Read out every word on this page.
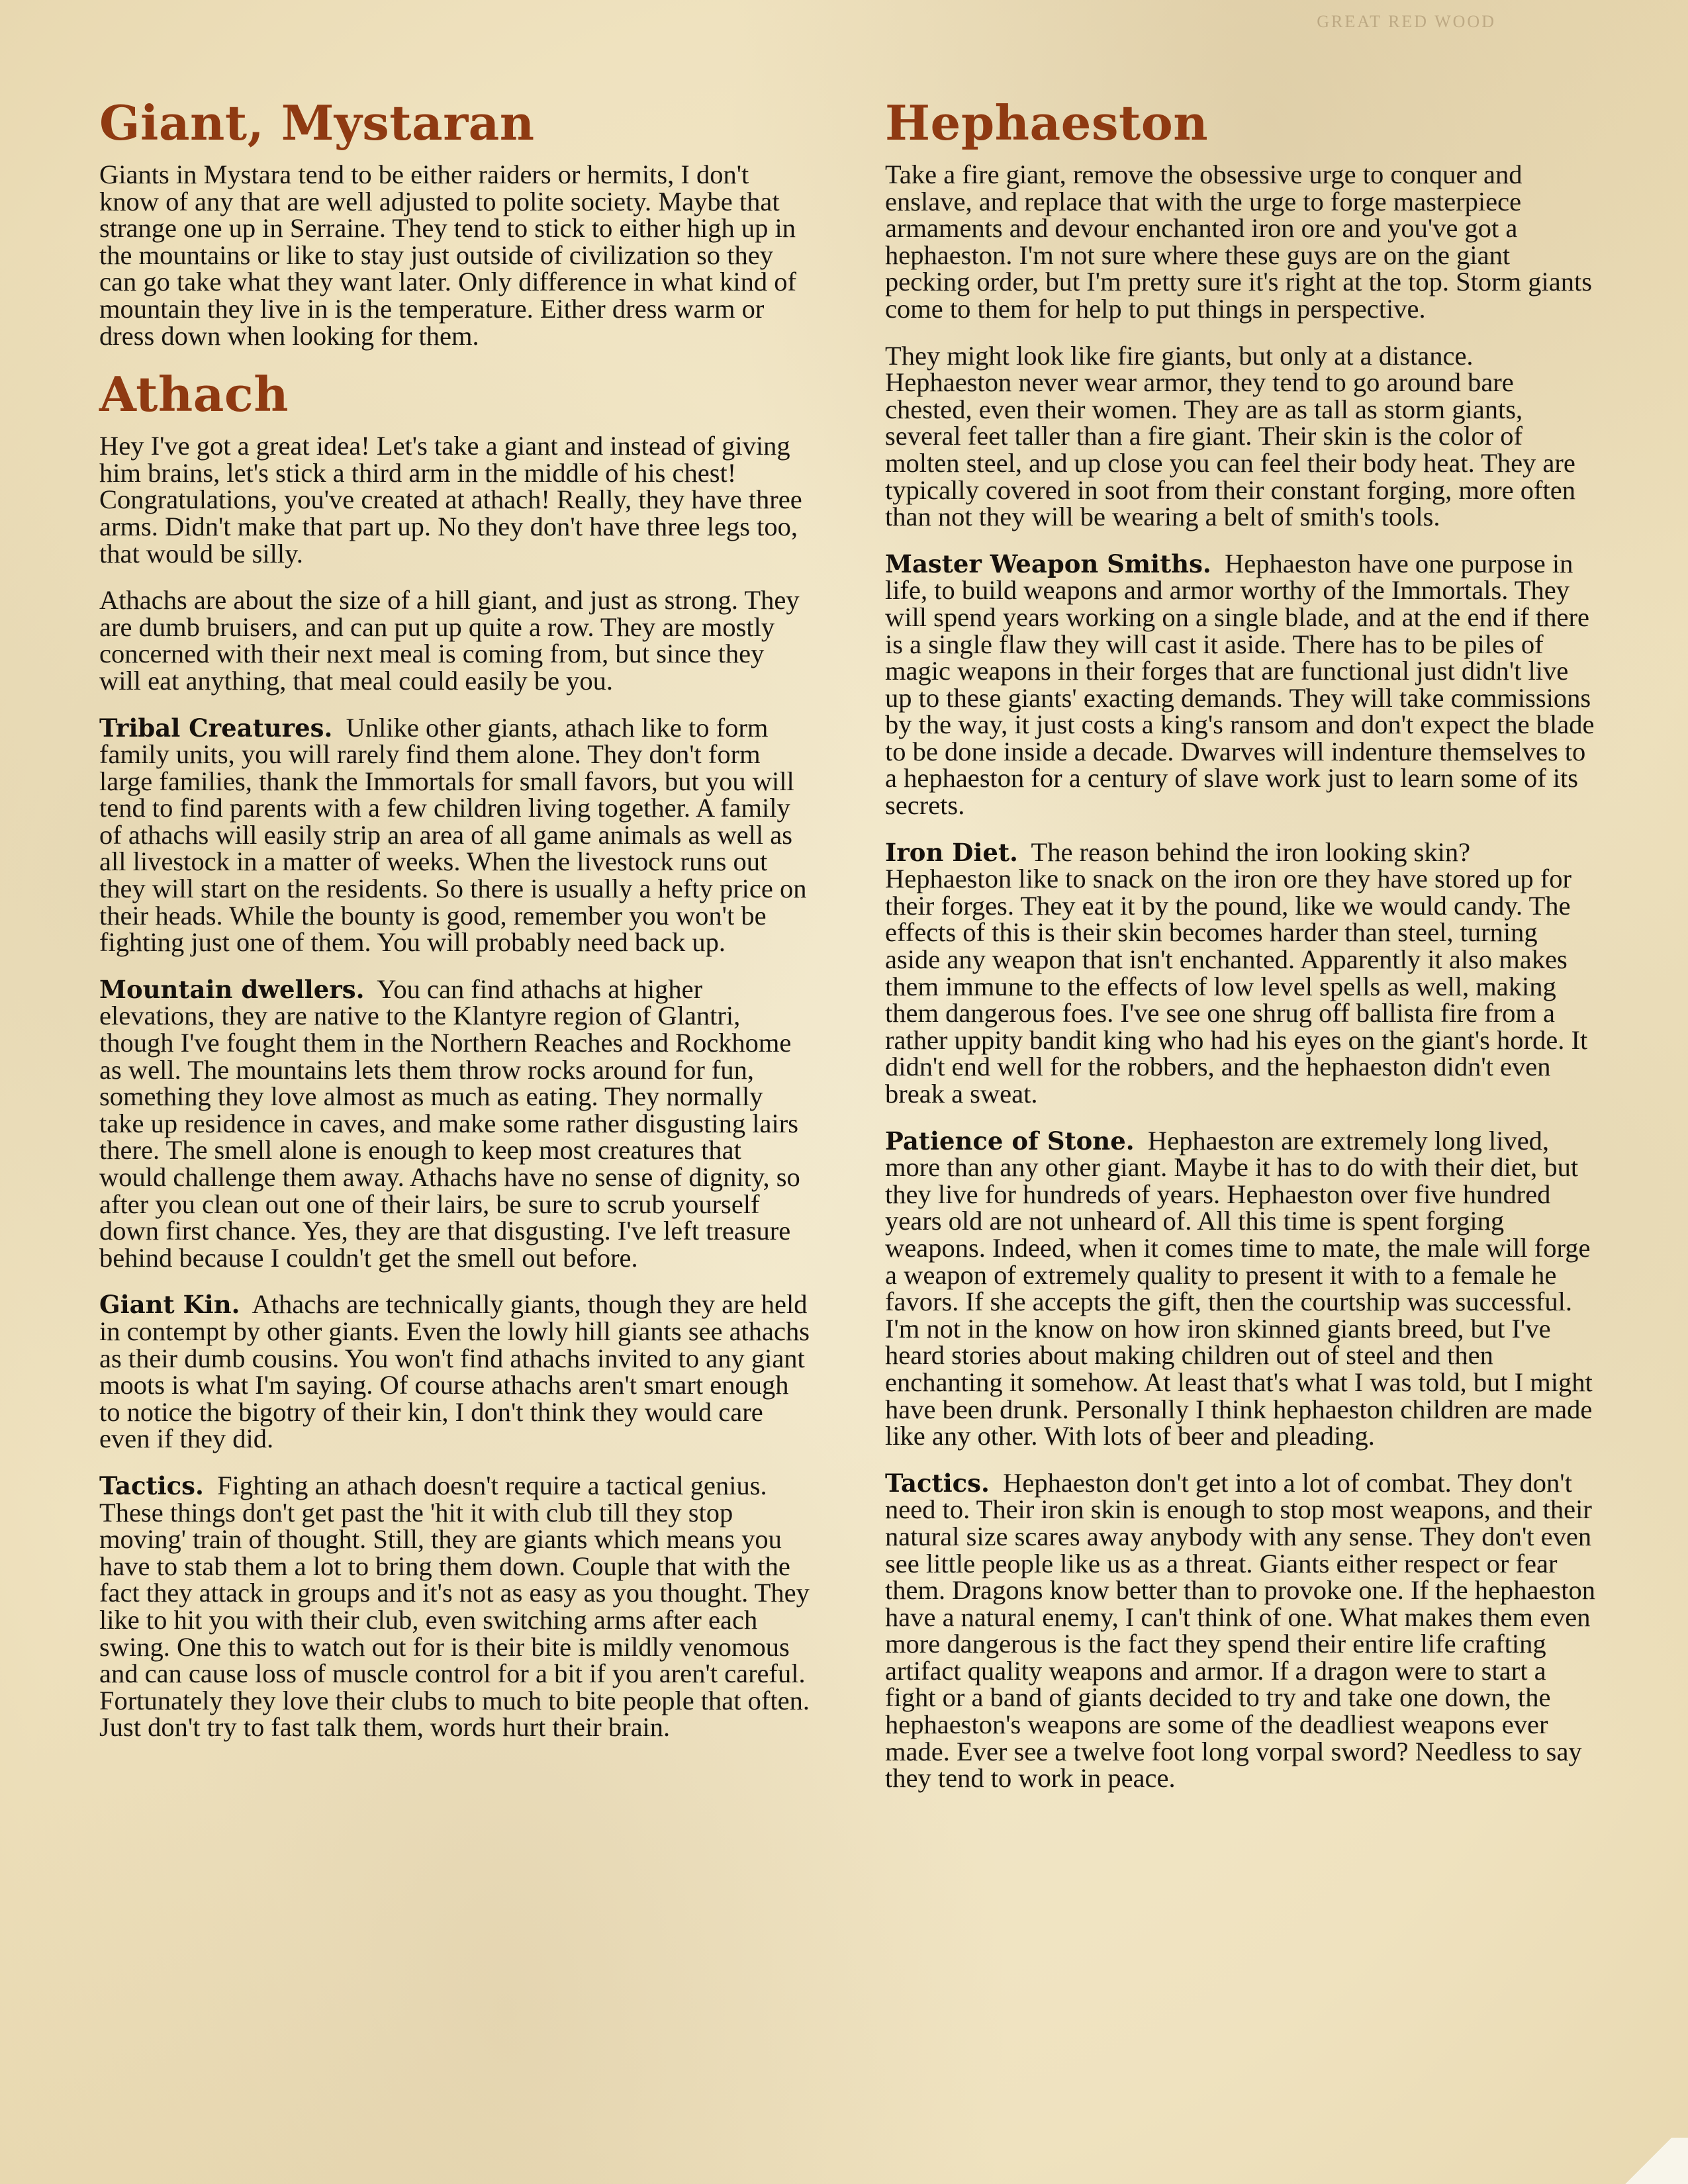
GREAT RED WOOD
Giant, Mystaran

Giants in Mystara tend to be either raiders or hermits, I don't know of any that are well adjusted to polite society. Maybe that strange one up in Serraine. They tend to stick to either high up in the mountains or like to stay just outside of civilization so they can go take what they want later. Only difference in what kind of mountain they live in is the temperature. Either dress warm or dress down when looking for them.

Athach

Hey I've got a great idea! Let's take a giant and instead of giving him brains, let's stick a third arm in the middle of his chest! Congratulations, you've created at athach! Really, they have three arms. Didn't make that part up. No they don't have three legs too, that would be silly.

Athachs are about the size of a hill giant, and just as strong. They are dumb bruisers, and can put up quite a row. They are mostly concerned with their next meal is coming from, but since they will eat anything, that meal could easily be you.

Tribal Creatures. Unlike other giants, athach like to form family units, you will rarely find them alone. They don't form large families, thank the Immortals for small favors, but you will tend to find parents with a few children living together. A family of athachs will easily strip an area of all game animals as well as all livestock in a matter of weeks. When the livestock runs out they will start on the residents. So there is usually a hefty price on their heads. While the bounty is good, remember you won't be fighting just one of them. You will probably need back up.

Mountain dwellers. You can find athachs at higher elevations, they are native to the Klantyre region of Glantri, though I've fought them in the Northern Reaches and Rockhome as well. The mountains lets them throw rocks around for fun, something they love almost as much as eating. They normally take up residence in caves, and make some rather disgusting lairs there. The smell alone is enough to keep most creatures that would challenge them away. Athachs have no sense of dignity, so after you clean out one of their lairs, be sure to scrub yourself down first chance. Yes, they are that disgusting. I've left treasure behind because I couldn't get the smell out before.

Giant Kin. Athachs are technically giants, though they are held in contempt by other giants. Even the lowly hill giants see athachs as their dumb cousins. You won't find athachs invited to any giant moots is what I'm saying. Of course athachs aren't smart enough to notice the bigotry of their kin, I don't think they would care even if they did.

Tactics. Fighting an athach doesn't require a tactical genius. These things don't get past the 'hit it with club till they stop moving' train of thought. Still, they are giants which means you have to stab them a lot to bring them down. Couple that with the fact they attack in groups and it's not as easy as you thought. They like to hit you with their club, even switching arms after each swing. One this to watch out for is their bite is mildly venomous and can cause loss of muscle control for a bit if you aren't careful. Fortunately they love their clubs to much to bite people that often. Just don't try to fast talk them, words hurt their brain.

Hephaeston

Take a fire giant, remove the obsessive urge to conquer and enslave, and replace that with the urge to forge masterpiece armaments and devour enchanted iron ore and you've got a hephaeston. I'm not sure where these guys are on the giant pecking order, but I'm pretty sure it's right at the top. Storm giants come to them for help to put things in perspective.

They might look like fire giants, but only at a distance. Hephaeston never wear armor, they tend to go around bare chested, even their women. They are as tall as storm giants, several feet taller than a fire giant. Their skin is the color of molten steel, and up close you can feel their body heat. They are typically covered in soot from their constant forging, more often than not they will be wearing a belt of smith's tools.

Master Weapon Smiths. Hephaeston have one purpose in life, to build weapons and armor worthy of the Immortals. They will spend years working on a single blade, and at the end if there is a single flaw they will cast it aside. There has to be piles of magic weapons in their forges that are functional just didn't live up to these giants' exacting demands. They will take commissions by the way, it just costs a king's ransom and don't expect the blade to be done inside a decade. Dwarves will indenture themselves to a hephaeston for a century of slave work just to learn some of its secrets.

Iron Diet. The reason behind the iron looking skin? Hephaeston like to snack on the iron ore they have stored up for their forges. They eat it by the pound, like we would candy. The effects of this is their skin becomes harder than steel, turning aside any weapon that isn't enchanted. Apparently it also makes them immune to the effects of low level spells as well, making them dangerous foes. I've see one shrug off ballista fire from a rather uppity bandit king who had his eyes on the giant's horde. It didn't end well for the robbers, and the hephaeston didn't even break a sweat.

Patience of Stone. Hephaeston are extremely long lived, more than any other giant. Maybe it has to do with their diet, but they live for hundreds of years. Hephaeston over five hundred years old are not unheard of. All this time is spent forging weapons. Indeed, when it comes time to mate, the male will forge a weapon of extremely quality to present it with to a female he favors. If she accepts the gift, then the courtship was successful. I'm not in the know on how iron skinned giants breed, but I've heard stories about making children out of steel and then enchanting it somehow. At least that's what I was told, but I might have been drunk. Personally I think hephaeston children are made like any other. With lots of beer and pleading.

Tactics. Hephaeston don't get into a lot of combat. They don't need to. Their iron skin is enough to stop most weapons, and their natural size scares away anybody with any sense. They don't even see little people like us as a threat. Giants either respect or fear them. Dragons know better than to provoke one. If the hephaeston have a natural enemy, I can't think of one. What makes them even more dangerous is the fact they spend their entire life crafting artifact quality weapons and armor. If a dragon were to start a fight or a band of giants decided to try and take one down, the hephaeston's weapons are some of the deadliest weapons ever made. Ever see a twelve foot long vorpal sword? Needless to say they tend to work in peace.
